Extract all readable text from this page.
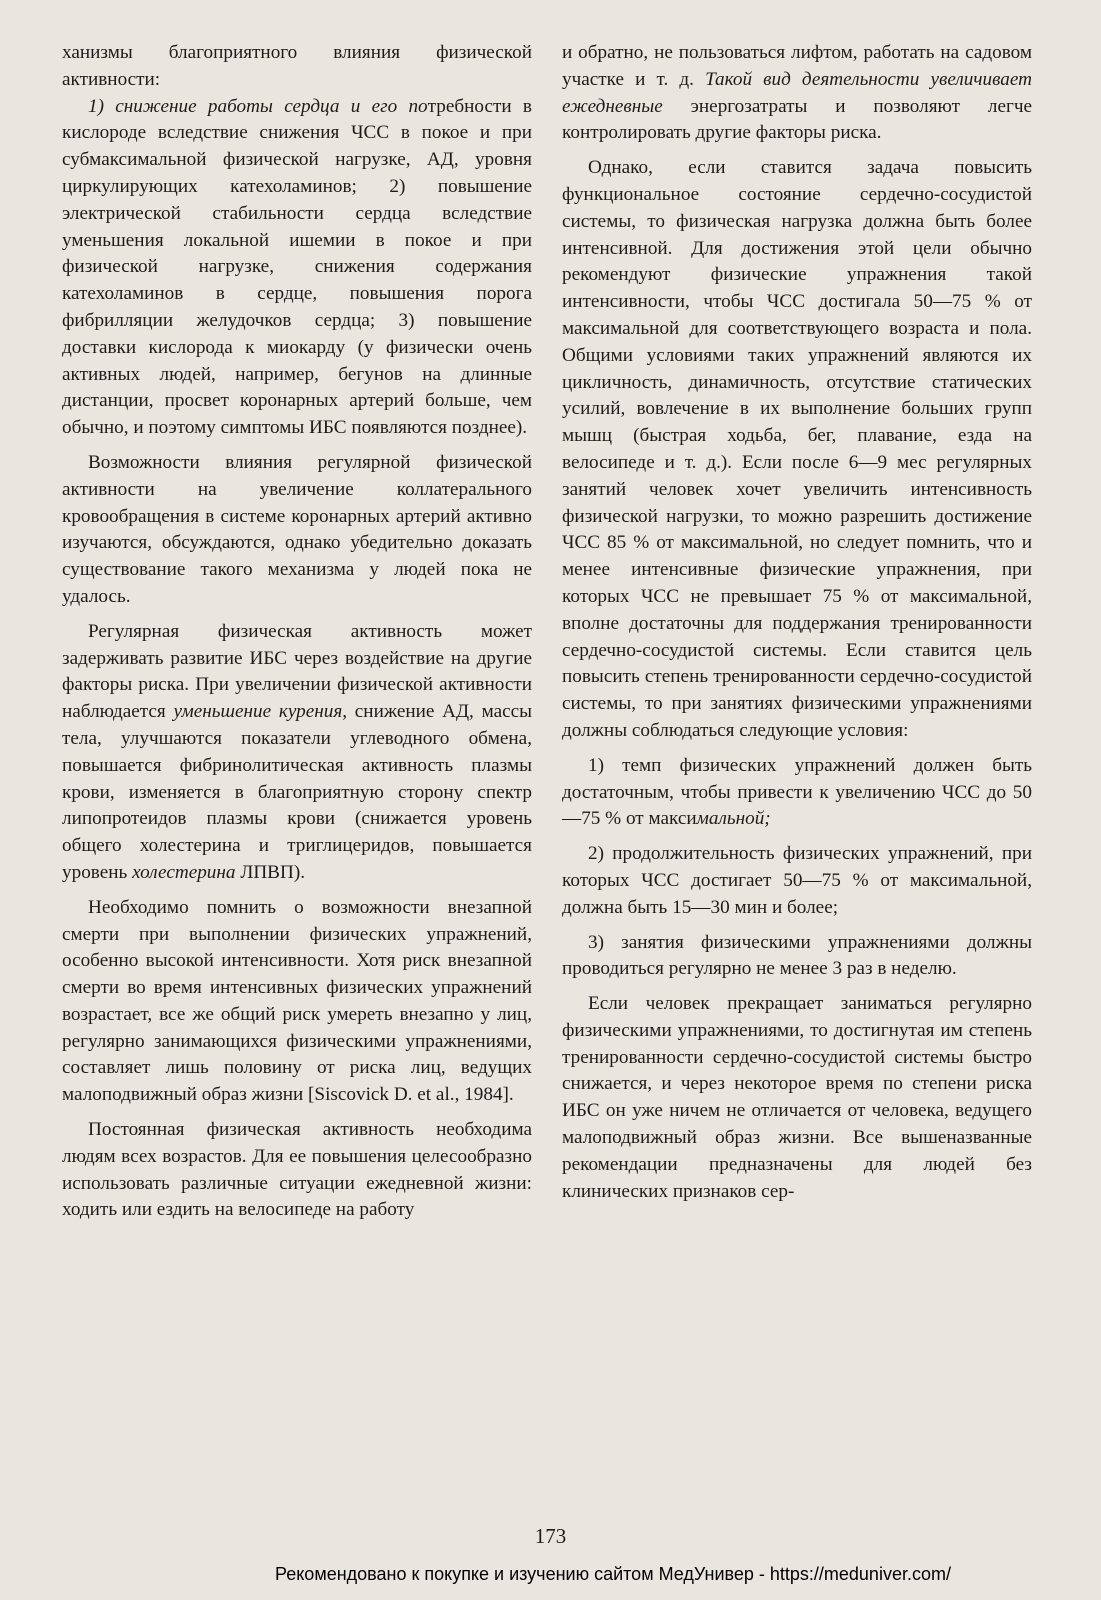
ханизмы благоприятного влияния физической активности:

1) снижение работы сердца и его потребности в кислороде вследствие снижения ЧСС в покое и при субмаксимальной физической нагрузке, АД, уровня циркулирующих катехоламинов; 2) повышение электрической стабильности сердца вследствие уменьшения локальной ишемии в покое и при физической нагрузке, снижения содержания катехоламинов в сердце, повышения порога фибрилляции желудочков сердца; 3) повышение доставки кислорода к миокарду (у физически очень активных людей, например, бегунов на длинные дистанции, просвет коронарных артерий больше, чем обычно, и поэтому симптомы ИБС появляются позднее).

Возможности влияния регулярной физической активности на увеличение коллатерального кровообращения в системе коронарных артерий активно изучаются, обсуждаются, однако убедительно доказать существование такого механизма у людей пока не удалось.

Регулярная физическая активность может задерживать развитие ИБС через воздействие на другие факторы риска. При увеличении физической активности наблюдается уменьшение курения, снижение АД, массы тела, улучшаются показатели углеводного обмена, повышается фибринолитическая активность плазмы крови, изменяется в благоприятную сторону спектр липопротеидов плазмы крови (снижается уровень общего холестерина и триглицеридов, повышается уровень холестерина ЛПВП).

Необходимо помнить о возможности внезапной смерти при выполнении физических упражнений, особенно высокой интенсивности. Хотя риск внезапной смерти во время интенсивных физических упражнений возрастает, все же общий риск умереть внезапно у лиц, регулярно занимающихся физическими упражнениями, составляет лишь половину от риска лиц, ведущих малоподвижный образ жизни [Siscovick D. et al., 1984].

Постоянная физическая активность необходима людям всех возрастов. Для ее повышения целесообразно использовать различные ситуации ежедневной жизни: ходить или ездить на велосипеде на работу

и обратно, не пользоваться лифтом, работать на садовом участке и т. д. Такой вид деятельности увеличивает ежедневные энергозатраты и позволяют легче контролировать другие факторы риска.

Однако, если ставится задача повысить функциональное состояние сердечно-сосудистой системы, то физическая нагрузка должна быть более интенсивной. Для достижения этой цели обычно рекомендуют физические упражнения такой интенсивности, чтобы ЧСС достигала 50—75 % от максимальной для соответствующего возраста и пола. Общими условиями таких упражнений являются их цикличность, динамичность, отсутствие статических усилий, вовлечение в их выполнение больших групп мышц (быстрая ходьба, бег, плавание, езда на велосипеде и т. д.). Если после 6—9 мес регулярных занятий человек хочет увеличить интенсивность физической нагрузки, то можно разрешить достижение ЧСС 85 % от максимальной, но следует помнить, что и менее интенсивные физические упражнения, при которых ЧСС не превышает 75 % от максимальной, вполне достаточны для поддержания тренированности сердечно-сосудистой системы. Если ставится цель повысить степень тренированности сердечно-сосудистой системы, то при занятиях физическими упражнениями должны соблюдаться следующие условия:

1) темп физических упражнений должен быть достаточным, чтобы привести к увеличению ЧСС до 50—75 % от максимальной;

2) продолжительность физических упражнений, при которых ЧСС достигает 50—75 % от максимальной, должна быть 15—30 мин и более;

3) занятия физическими упражнениями должны проводиться регулярно не менее 3 раз в неделю.

Если человек прекращает заниматься регулярно физическими упражнениями, то достигнутая им степень тренированности сердечно-сосудистой системы быстро снижается, и через некоторое время по степени риска ИБС он уже ничем не отличается от человека, ведущего малоподвижный образ жизни. Все вышеназванные рекомендации предназначены для людей без клинических признаков сер-

173
Рекомендовано к покупке и изучению сайтом МедУнивер - https://meduniver.com/
